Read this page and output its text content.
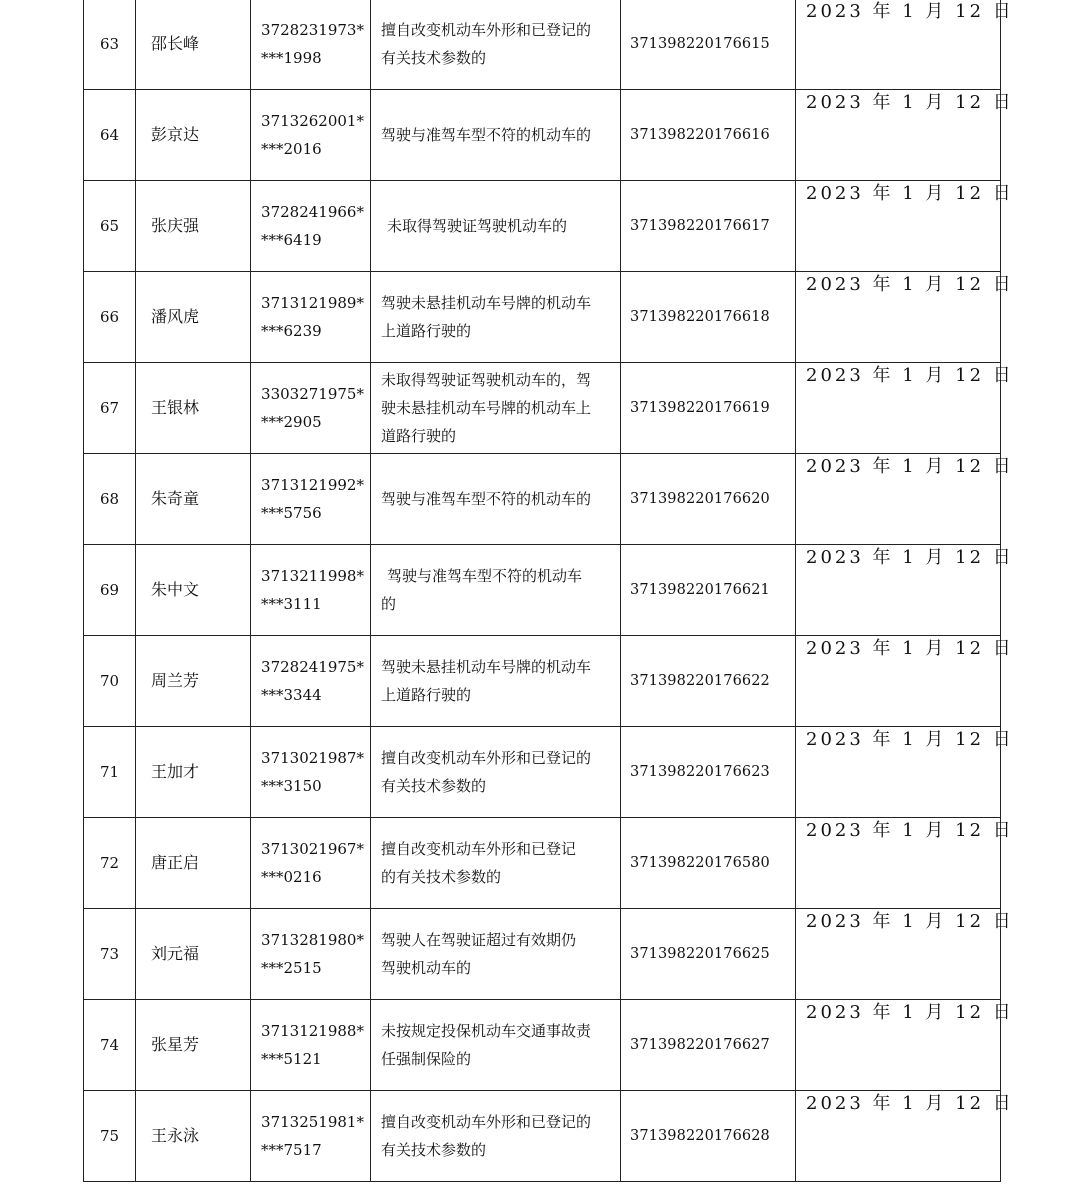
63	邵长峰	3728231973*
***1998	擅自改变机动车外形和已登记的
有关技术参数的	371398220176615	2023 年 1 月 12 日

64	彭京达	3713262001*
***2016	驾驶与准驾车型不符的机动车的	371398220176616	2023 年 1 月 12 日

65	张庆强	3728241966*
***6419	未取得驾驶证驾驶机动车的	371398220176617	2023 年 1 月 12 日

66	潘风虎	3713121989*
***6239	驾驶未悬挂机动车号牌的机动车
上道路行驶的	371398220176618	2023 年 1 月 12 日

67	王银林	3303271975*
***2905	未取得驾驶证驾驶机动车的，驾
驶未悬挂机动车号牌的机动车上
道路行驶的	371398220176619	2023 年 1 月 12 日

68	朱奇童	3713121992*
***5756	驾驶与准驾车型不符的机动车的	371398220176620	2023 年 1 月 12 日

69	朱中文	3713211998*
***3111	驾驶与准驾车型不符的机动车
的	371398220176621	2023 年 1 月 12 日

70	周兰芳	3728241975*
***3344	驾驶未悬挂机动车号牌的机动车
上道路行驶的	371398220176622	2023 年 1 月 12 日

71	王加才	3713021987*
***3150	擅自改变机动车外形和已登记的
有关技术参数的	371398220176623	2023 年 1 月 12 日

72	唐正启	3713021967*
***0216	擅自改变机动车外形和已登记
的有关技术参数的	371398220176580	2023 年 1 月 12 日

73	刘元福	3713281980*
***2515	驾驶人在驾驶证超过有效期仍
驾驶机动车的	371398220176625	2023 年 1 月 12 日

74	张星芳	3713121988*
***5121	未按规定投保机动车交通事故责
任强制保险的	371398220176627	2023 年 1 月 12 日

75	王永泳	3713251981*
***7517	擅自改变机动车外形和已登记的
有关技术参数的	371398220176628	2023 年 1 月 12 日
